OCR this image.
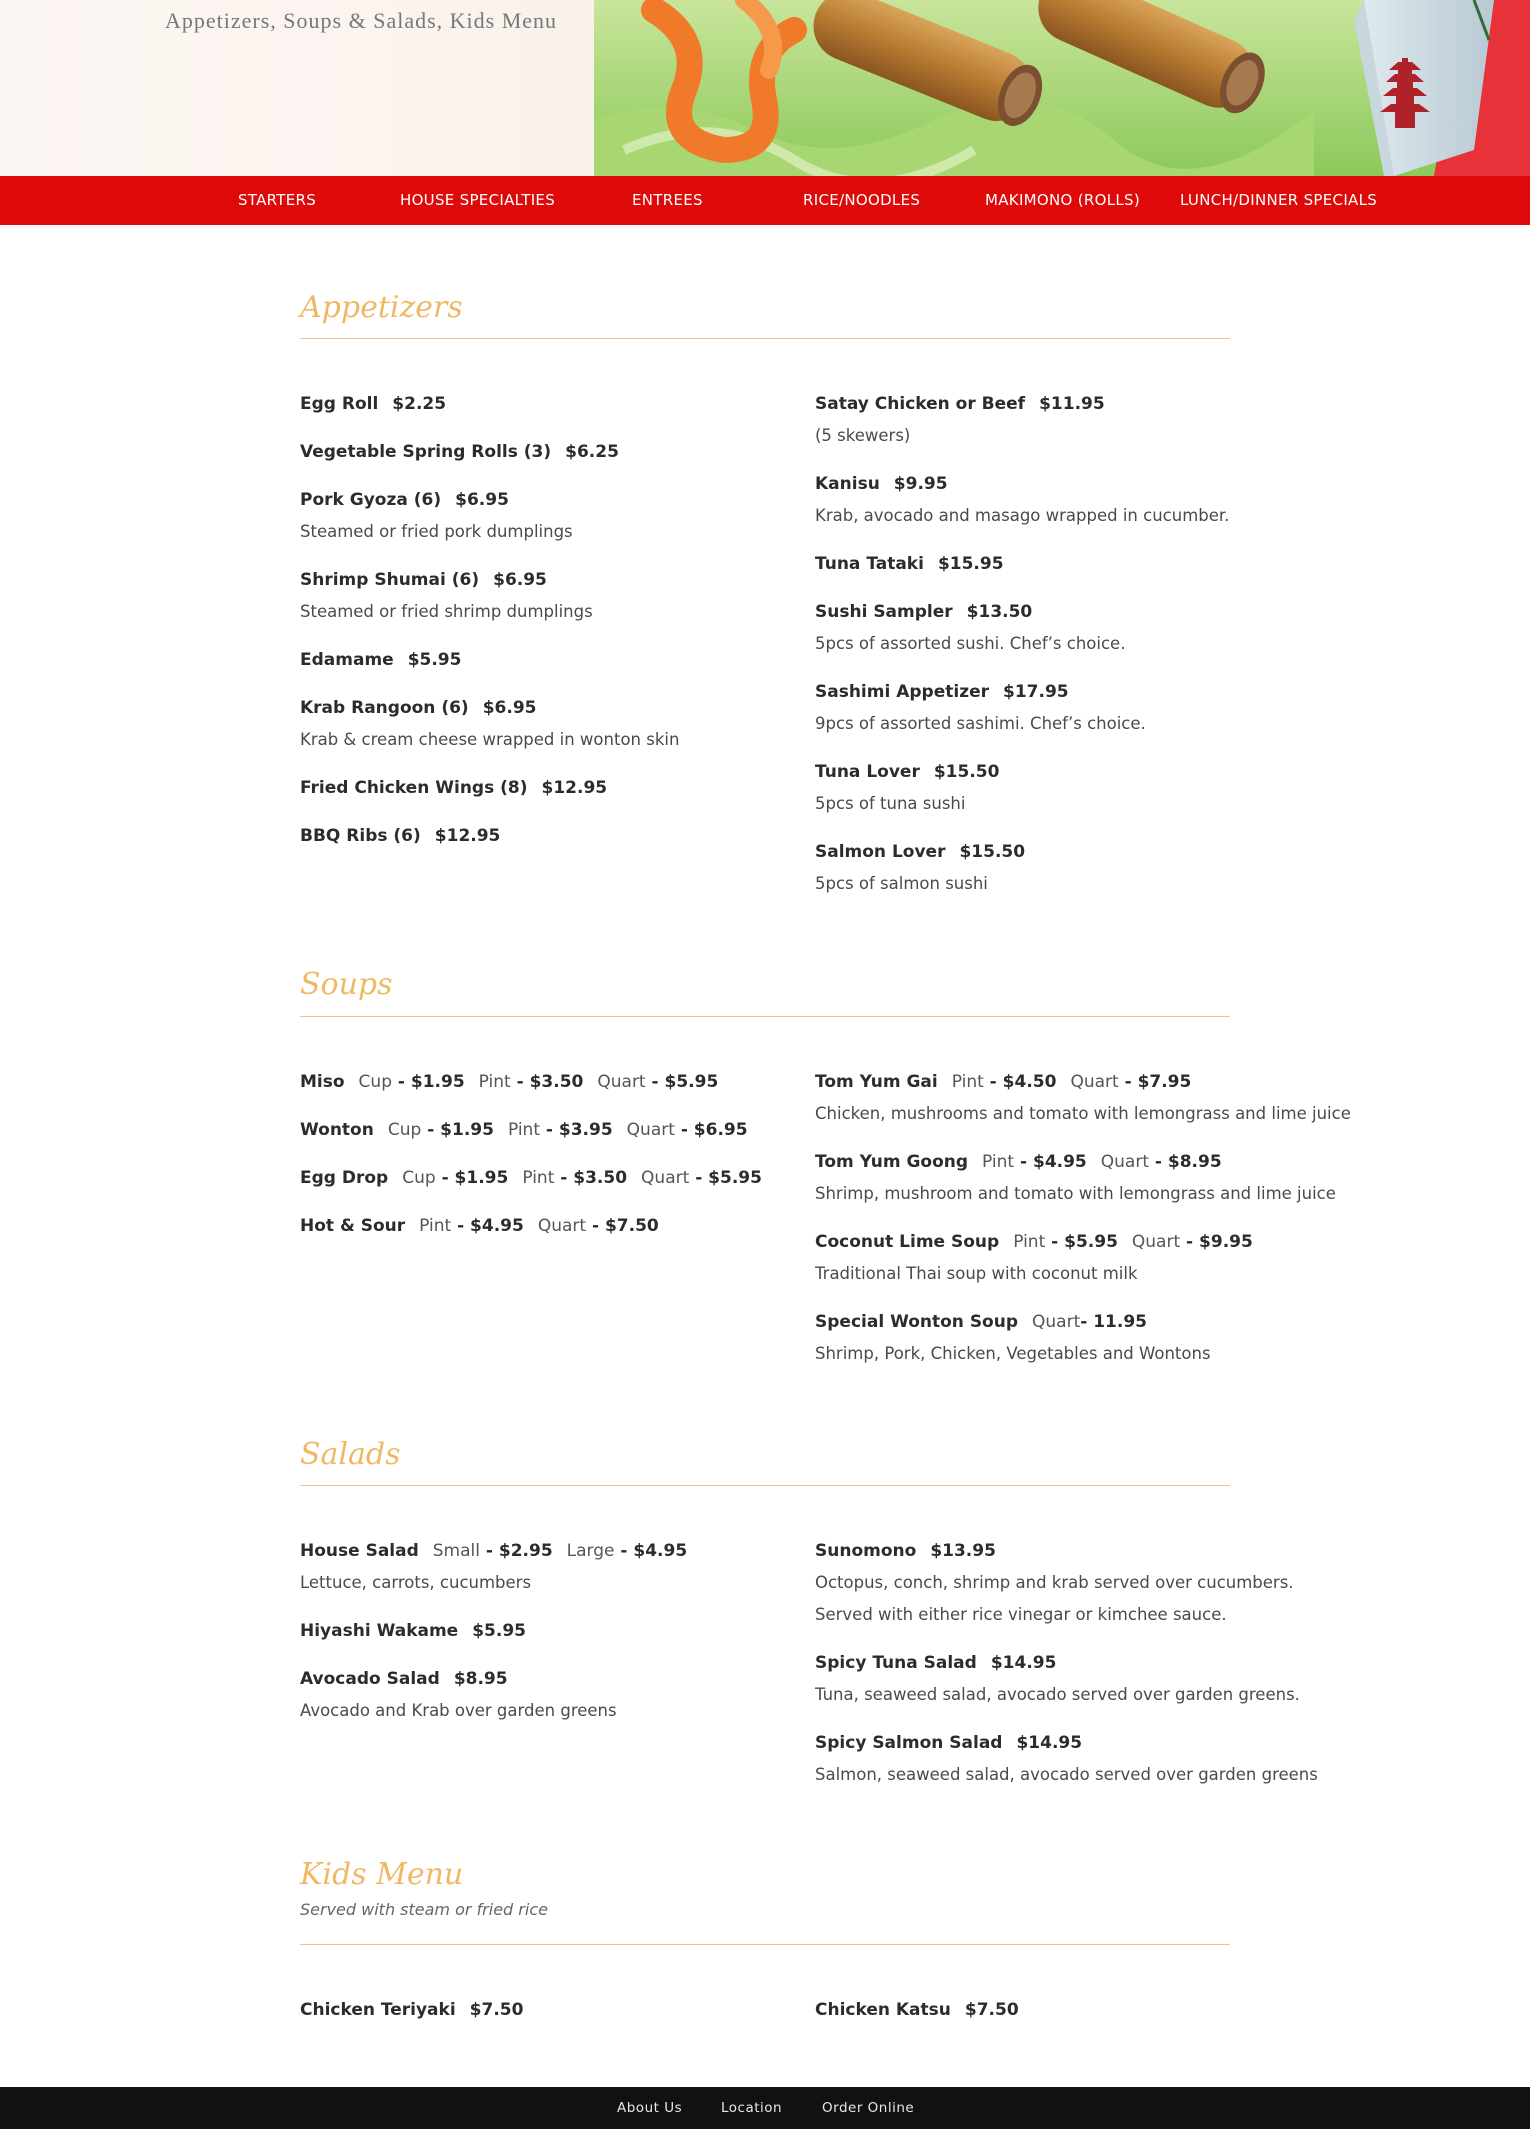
Appetizers, Soups & Salads, Kids Menu
STARTERS	HOUSE SPECIALTIES	ENTREES	RICE/NOODLES	MAKIMONO (ROLLS)	LUNCH/DINNER SPECIALS
Appetizers
Egg Roll $2.25
Vegetable Spring Rolls (3) $6.25
Pork Gyoza (6) $6.95
Steamed or fried pork dumplings
Shrimp Shumai (6) $6.95
Steamed or fried shrimp dumplings
Edamame $5.95
Krab Rangoon (6) $6.95
Krab & cream cheese wrapped in wonton skin
Fried Chicken Wings (8) $12.95
BBQ Ribs (6) $12.95
Satay Chicken or Beef $11.95
(5 skewers)
Kanisu $9.95
Krab, avocado and masago wrapped in cucumber.
Tuna Tataki $15.95
Sushi Sampler $13.50
5pcs of assorted sushi. Chef’s choice.
Sashimi Appetizer $17.95
9pcs of assorted sashimi. Chef’s choice.
Tuna Lover $15.50
5pcs of tuna sushi
Salmon Lover $15.50
5pcs of salmon sushi
Soups
Miso Cup - $1.95 Pint - $3.50 Quart - $5.95
Wonton Cup - $1.95 Pint - $3.95 Quart - $6.95
Egg Drop Cup - $1.95 Pint - $3.50 Quart - $5.95
Hot & Sour Pint - $4.95 Quart - $7.50
Tom Yum Gai Pint - $4.50 Quart - $7.95
Chicken, mushrooms and tomato with lemongrass and lime juice
Tom Yum Goong Pint - $4.95 Quart - $8.95
Shrimp, mushroom and tomato with lemongrass and lime juice
Coconut Lime Soup Pint - $5.95 Quart - $9.95
Traditional Thai soup with coconut milk
Special Wonton Soup Quart- 11.95
Shrimp, Pork, Chicken, Vegetables and Wontons
Salads
House Salad Small - $2.95 Large - $4.95
Lettuce, carrots, cucumbers
Hiyashi Wakame $5.95
Avocado Salad $8.95
Avocado and Krab over garden greens
Sunomono $13.95
Octopus, conch, shrimp and krab served over cucumbers. Served with either rice vinegar or kimchee sauce.
Spicy Tuna Salad $14.95
Tuna, seaweed salad, avocado served over garden greens.
Spicy Salmon Salad $14.95
Salmon, seaweed salad, avocado served over garden greens
Kids Menu
Served with steam or fried rice
Chicken Teriyaki $7.50	Chicken Katsu $7.50
About Us	Location	Order Online
